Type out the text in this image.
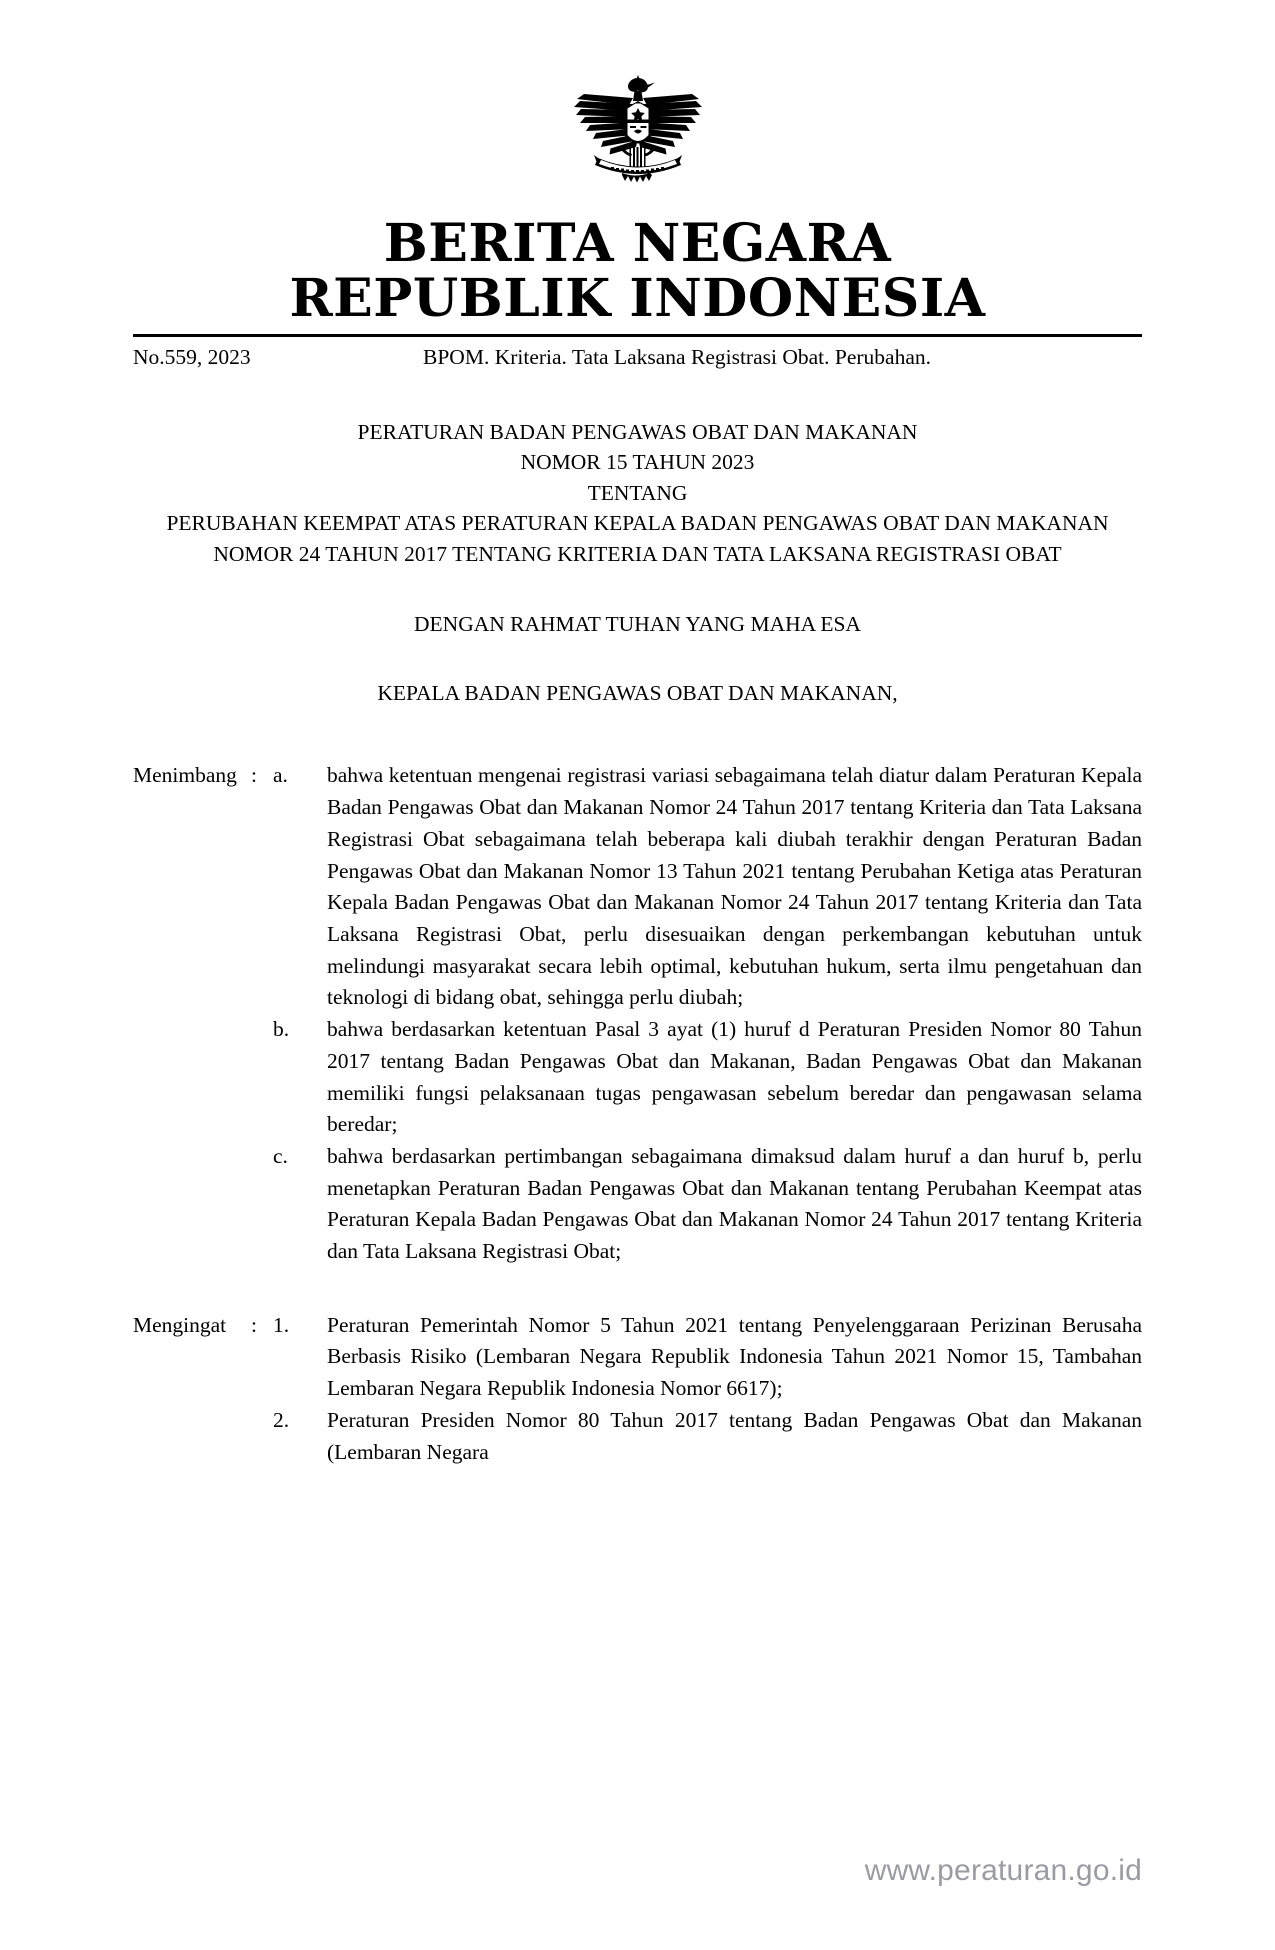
BERITA NEGARA
REPUBLIK INDONESIA
No.559, 2023	BPOM. Kriteria. Tata Laksana Registrasi Obat. Perubahan.
PERATURAN BADAN PENGAWAS OBAT DAN MAKANAN
NOMOR 15 TAHUN 2023
TENTANG
PERUBAHAN KEEMPAT ATAS PERATURAN KEPALA BADAN PENGAWAS OBAT DAN MAKANAN NOMOR 24 TAHUN 2017 TENTANG KRITERIA DAN TATA LAKSANA REGISTRASI OBAT
DENGAN RAHMAT TUHAN YANG MAHA ESA
KEPALA BADAN PENGAWAS OBAT DAN MAKANAN,
Menimbang : a.	bahwa ketentuan mengenai registrasi variasi sebagaimana telah diatur dalam Peraturan Kepala Badan Pengawas Obat dan Makanan Nomor 24 Tahun 2017 tentang Kriteria dan Tata Laksana Registrasi Obat sebagaimana telah beberapa kali diubah terakhir dengan Peraturan Badan Pengawas Obat dan Makanan Nomor 13 Tahun 2021 tentang Perubahan Ketiga atas Peraturan Kepala Badan Pengawas Obat dan Makanan Nomor 24 Tahun 2017 tentang Kriteria dan Tata Laksana Registrasi Obat, perlu disesuaikan dengan perkembangan kebutuhan untuk melindungi masyarakat secara lebih optimal, kebutuhan hukum, serta ilmu pengetahuan dan teknologi di bidang obat, sehingga perlu diubah;
b.	bahwa berdasarkan ketentuan Pasal 3 ayat (1) huruf d Peraturan Presiden Nomor 80 Tahun 2017 tentang Badan Pengawas Obat dan Makanan, Badan Pengawas Obat dan Makanan memiliki fungsi pelaksanaan tugas pengawasan sebelum beredar dan pengawasan selama beredar;
c.	bahwa berdasarkan pertimbangan sebagaimana dimaksud dalam huruf a dan huruf b, perlu menetapkan Peraturan Badan Pengawas Obat dan Makanan tentang Perubahan Keempat atas Peraturan Kepala Badan Pengawas Obat dan Makanan Nomor 24 Tahun 2017 tentang Kriteria dan Tata Laksana Registrasi Obat;
Mengingat	: 1.	Peraturan Pemerintah Nomor 5 Tahun 2021 tentang Penyelenggaraan Perizinan Berusaha Berbasis Risiko (Lembaran Negara Republik Indonesia Tahun 2021 Nomor 15, Tambahan Lembaran Negara Republik Indonesia Nomor 6617);
2.	Peraturan Presiden Nomor 80 Tahun 2017 tentang Badan Pengawas Obat dan Makanan (Lembaran Negara
www.peraturan.go.id
